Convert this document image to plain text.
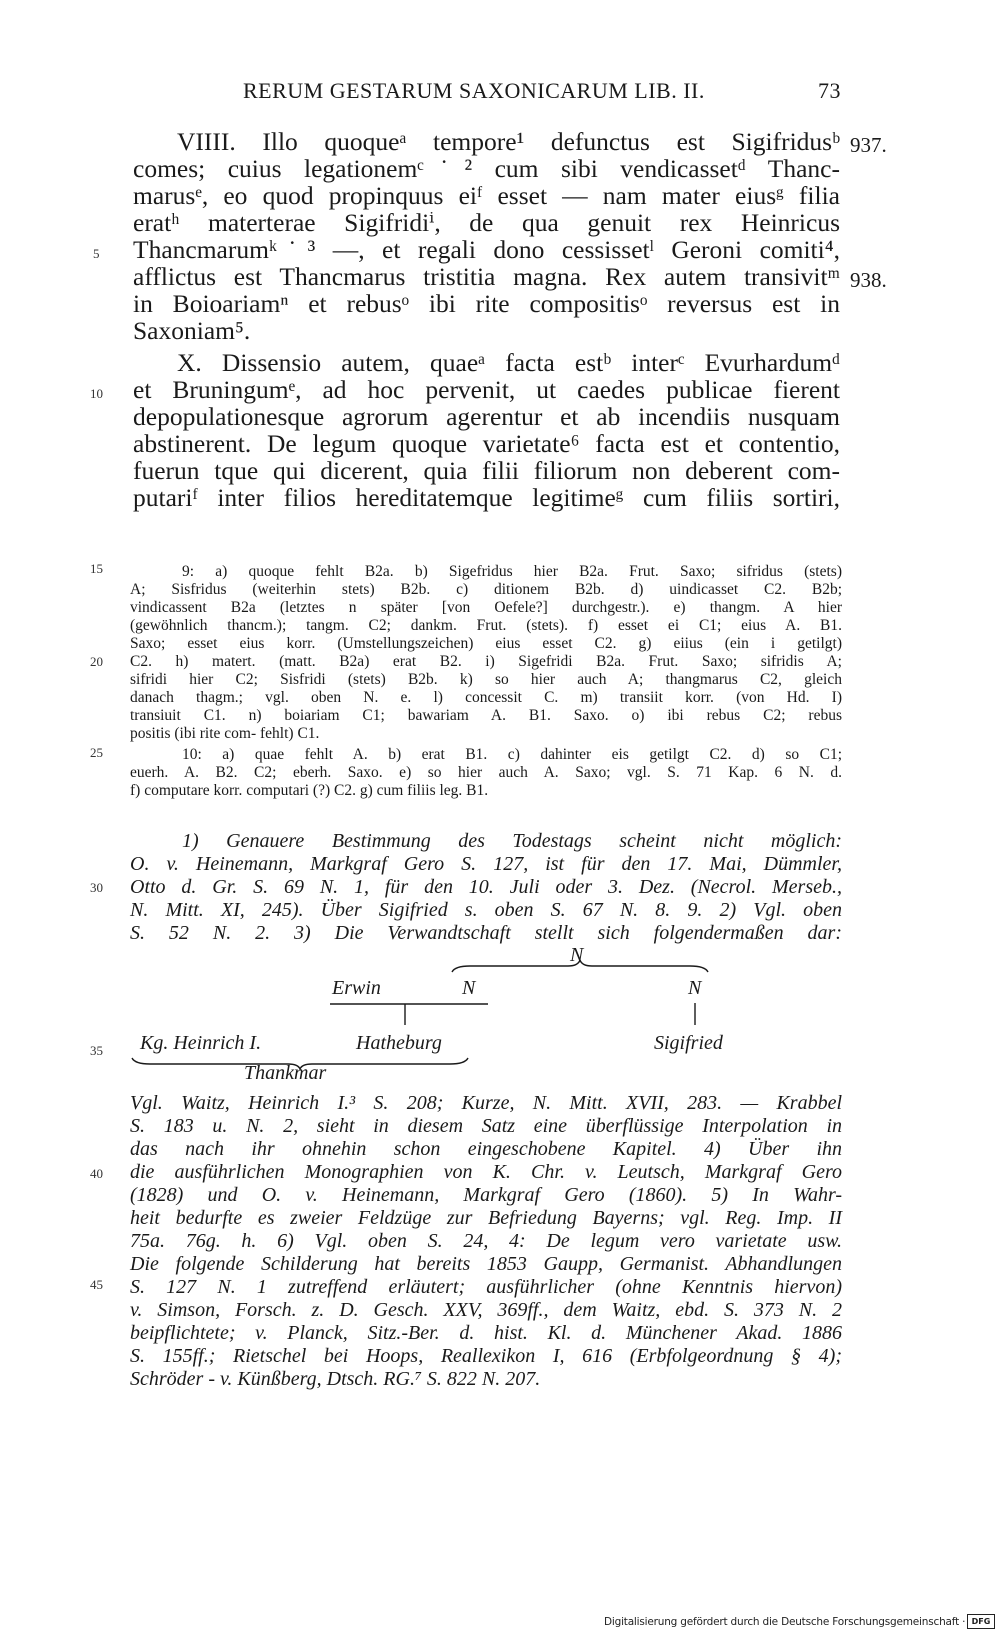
RERUM GESTARUM SAXONICARUM LIB. II.	73
VIIII. Illo quoqueᵃ tempore¹ defunctus est Sigifridusᵇ
comes; cuius legationemᶜ˙² cum sibi vendicassetᵈ Thanc-
marusᵉ, eo quod propinquus eiᶠ esset — nam mater eiusᵍ filia
eratʰ materterae Sigifridiⁱ, de qua genuit rex Heinricus
Thancmarumᵏ˙³ —, et regali dono cessissetˡ Geroni comiti⁴,
afflictus est Thancmarus tristitia magna. Rex autem transivitᵐ
in Boioariamⁿ et rebusᵒ ibi rite compositisᵒ reversus est in
Saxoniam⁵.
X. Dissensio autem, quaeᵃ facta estᵇ interᶜ Evurhardumᵈ
et Bruningumᵉ, ad hoc pervenit, ut caedes publicae fierent
depopulationesque agrorum agerentur et ab incendiis nusquam
abstinerent. De legum quoque varietate⁶ facta est et contentio,
fuerun tque qui dicerent, quia filii filiorum non deberent com-
putariᶠ inter filios hereditatemque legitimeᵍ cum filiis sortiri,
937.
938.
5
10
15
20
25
30
35
40
45
9: a) quoque fehlt B2a. b) Sigefridus hier B2a. Frut. Saxo; sifridus (stets)
A; Sisfridus (weiterhin stets) B2b. c) ditionem B2b. d) uindicasset C2. B2b;
vindicassent B2a (letztes n später [von Oefele?] durchgestr.). e) thangm. A hier
(gewöhnlich thancm.); tangm. C2; dankm. Frut. (stets). f) esset ei C1; eius A. B1.
Saxo; esset eius korr. (Umstellungszeichen) eius esset C2. g) eiius (ein i getilgt)
C2. h) matert. (matt. B2a) erat B2. i) Sigefridi B2a. Frut. Saxo; sifridis A;
sifridi hier C2; Sisfridi (stets) B2b. k) so hier auch A; thangmarus C2, gleich
danach thagm.; vgl. oben N. e. l) concessit C. m) transiit korr. (von Hd. I)
transiuit C1. n) boiariam C1; bawariam A. B1. Saxo. o) ibi rebus C2; rebus
positis (ibi rite com- fehlt) C1.
10: a) quae fehlt A. b) erat B1. c) dahinter eis getilgt C2. d) so C1;
euerh. A. B2. C2; eberh. Saxo. e) so hier auch A. Saxo; vgl. S. 71 Kap. 6 N. d.
f) computare korr. computari (?) C2. g) cum filiis leg. B1.
1) Genauere Bestimmung des Todestags scheint nicht möglich:
O. v. Heinemann, Markgraf Gero S. 127, ist für den 17. Mai, Dümmler,
Otto d. Gr. S. 69 N. 1, für den 10. Juli oder 3. Dez. (Necrol. Merseb.,
N. Mitt. XI, 245). Über Sigifried s. oben S. 67 N. 8. 9. 2) Vgl. oben
S. 52 N. 2. 3) Die Verwandtschaft stellt sich folgendermaßen dar:
N
Erwin	N	N
Kg. Heinrich I.	Hatheburg	Sigifried
Thankmar
Vgl. Waitz, Heinrich I.³ S. 208; Kurze, N. Mitt. XVII, 283. — Krabbel
S. 183 u. N. 2, sieht in diesem Satz eine überflüssige Interpolation in
das nach ihr ohnehin schon eingeschobene Kapitel. 4) Über ihn
die ausführlichen Monographien von K. Chr. v. Leutsch, Markgraf Gero
(1828) und O. v. Heinemann, Markgraf Gero (1860). 5) In Wahr-
heit bedurfte es zweier Feldzüge zur Befriedung Bayerns; vgl. Reg. Imp. II
75a. 76g. h. 6) Vgl. oben S. 24, 4: De legum vero varietate usw.
Die folgende Schilderung hat bereits 1853 Gaupp, Germanist. Abhandlungen
S. 127 N. 1 zutreffend erläutert; ausführlicher (ohne Kenntnis hiervon)
v. Simson, Forsch. z. D. Gesch. XXV, 369ff., dem Waitz, ebd. S. 373 N. 2
beipflichtete; v. Planck, Sitz.-Ber. d. hist. Kl. d. Münchener Akad. 1886
S. 155ff.; Rietschel bei Hoops, Reallexikon I, 616 (Erbfolgeordnung § 4);
Schröder - v. Künßberg, Dtsch. RG.⁷ S. 822 N. 207.
Digitalisierung gefördert durch die Deutsche Forschungsgemeinschaft · DFG
